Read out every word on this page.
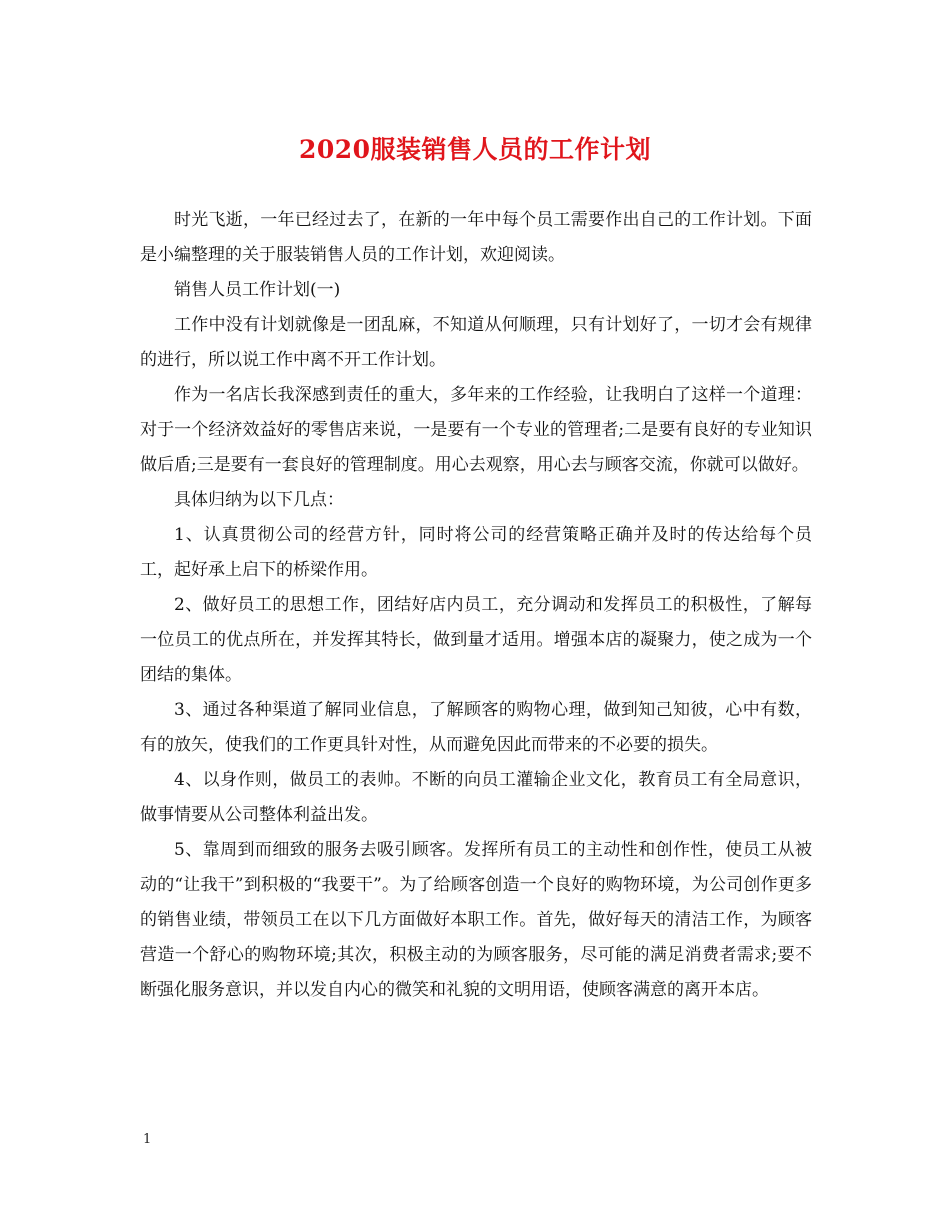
2020服装销售人员的工作计划

时光飞逝，一年已经过去了，在新的一年中每个员工需要作出自己的工作计划。下面是小编整理的关于服装销售人员的工作计划，欢迎阅读。

销售人员工作计划(一)

工作中没有计划就像是一团乱麻，不知道从何顺理，只有计划好了，一切才会有规律的进行，所以说工作中离不开工作计划。

作为一名店长我深感到责任的重大，多年来的工作经验，让我明白了这样一个道理：对于一个经济效益好的零售店来说，一是要有一个专业的管理者;二是要有良好的专业知识做后盾;三是要有一套良好的管理制度。用心去观察，用心去与顾客交流，你就可以做好。

具体归纳为以下几点：

1、认真贯彻公司的经营方针，同时将公司的经营策略正确并及时的传达给每个员工，起好承上启下的桥梁作用。

2、做好员工的思想工作，团结好店内员工，充分调动和发挥员工的积极性，了解每一位员工的优点所在，并发挥其特长，做到量才适用。增强本店的凝聚力，使之成为一个团结的集体。

3、通过各种渠道了解同业信息，了解顾客的购物心理，做到知己知彼，心中有数，有的放矢，使我们的工作更具针对性，从而避免因此而带来的不必要的损失。

4、以身作则，做员工的表帅。不断的向员工灌输企业文化，教育员工有全局意识，做事情要从公司整体利益出发。

5、靠周到而细致的服务去吸引顾客。发挥所有员工的主动性和创作性，使员工从被动的“让我干”到积极的“我要干”。为了给顾客创造一个良好的购物环境，为公司创作更多的销售业绩，带领员工在以下几方面做好本职工作。首先，做好每天的清洁工作，为顾客营造一个舒心的购物环境;其次，积极主动的为顾客服务，尽可能的满足消费者需求;要不断强化服务意识，并以发自内心的微笑和礼貌的文明用语，使顾客满意的离开本店。

1
